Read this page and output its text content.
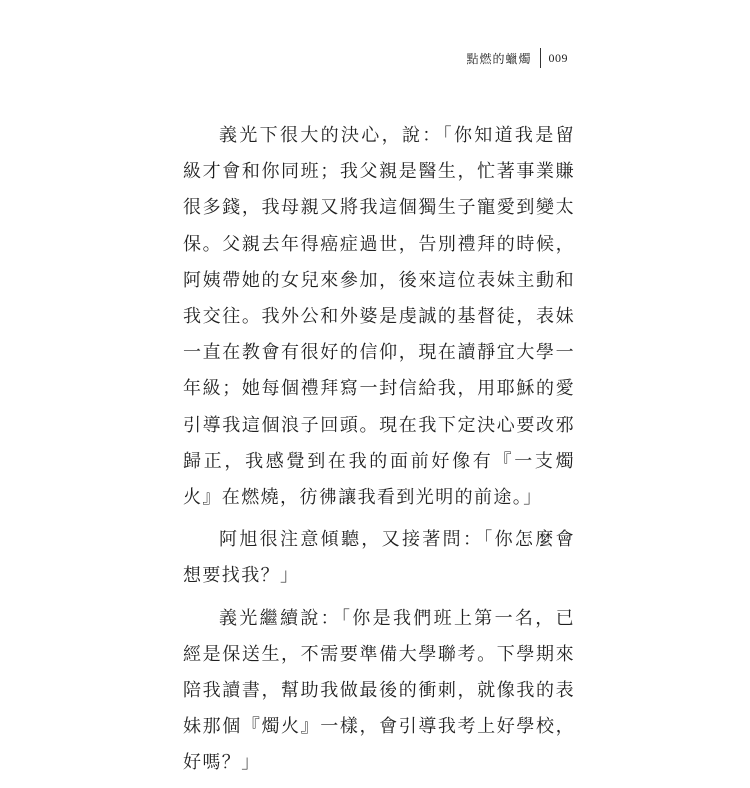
點燃的蠟燭 009

義光下很大的決心，說：「你知道我是留級才會和你同班；我父親是醫生，忙著事業賺很多錢，我母親又將我這個獨生子寵愛到變太保。父親去年得癌症過世，告別禮拜的時候，阿姨帶她的女兒來參加，後來這位表妹主動和我交往。我外公和外婆是虔誠的基督徒，表妹一直在教會有很好的信仰，現在讀靜宜大學一年級；她每個禮拜寫一封信給我，用耶穌的愛引導我這個浪子回頭。現在我下定決心要改邪歸正，我感覺到在我的面前好像有『一支燭火』在燃燒，彷彿讓我看到光明的前途。」

阿旭很注意傾聽，又接著問：「你怎麼會想要找我？」

義光繼續說：「你是我們班上第一名，已經是保送生，不需要準備大學聯考。下學期來陪我讀書，幫助我做最後的衝刺，就像我的表妹那個『燭火』一樣，會引導我考上好學校，好嗎？」
